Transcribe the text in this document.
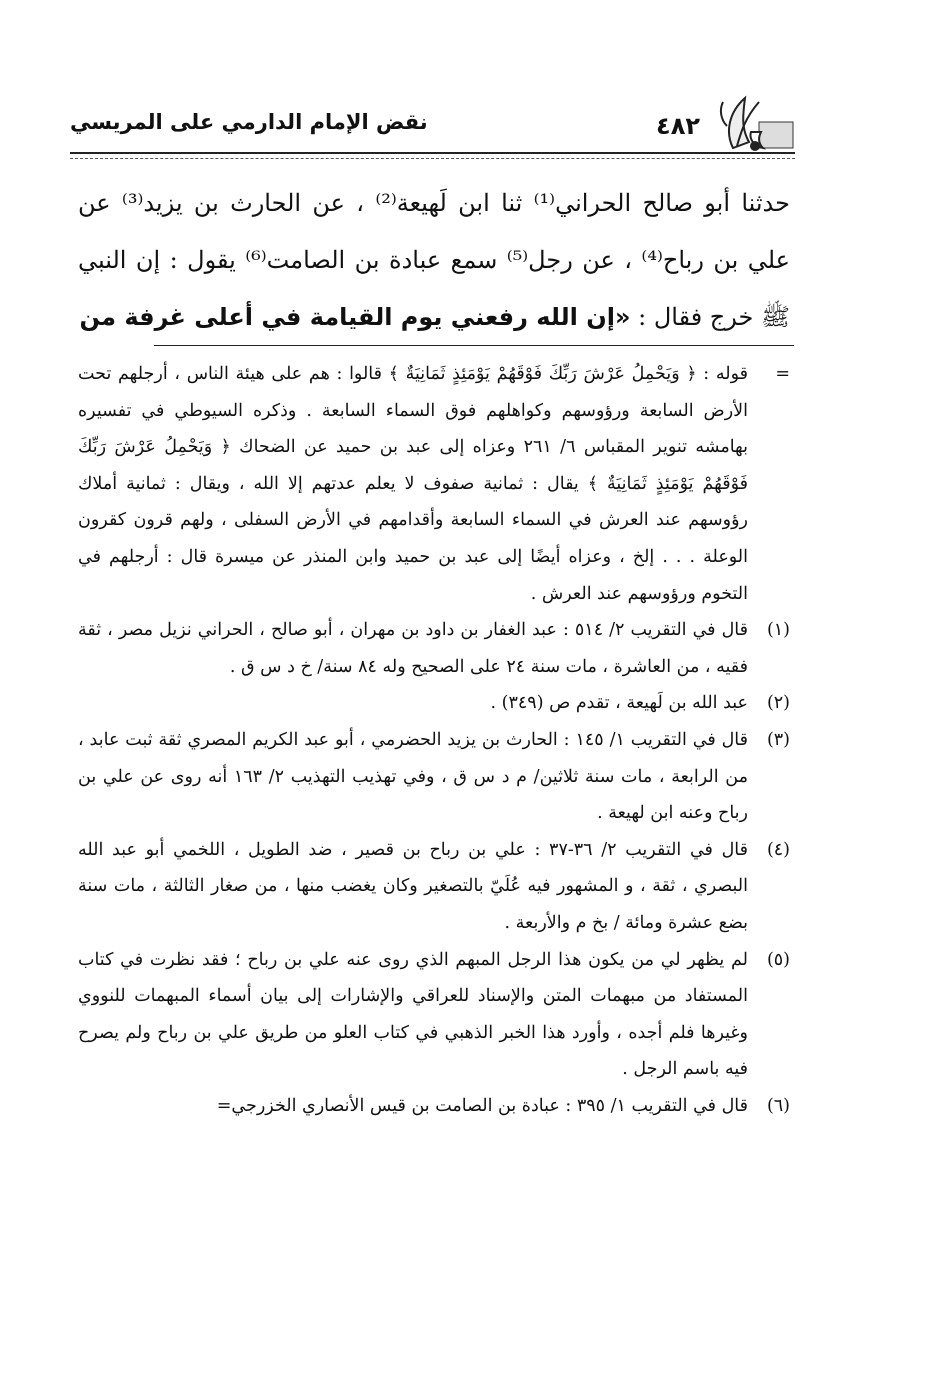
نقض الإمام الدارمي على المريسي	٤٨٢

حدثنا أبو صالح الحراني⁽¹⁾ ثنا ابن لَهيعة⁽²⁾ ، عن الحارث بن يزيد⁽³⁾ عن علي بن رباح⁽⁴⁾ ، عن رجل⁽⁵⁾ سمع عبادة بن الصامت⁽⁶⁾ يقول : إن النبي ﷺ خرج فقال : «إن الله رفعني يوم القيامة في أعلى غرفة من

=
قوله : ﴿ وَيَحْمِلُ عَرْشَ رَبِّكَ فَوْقَهُمْ يَوْمَئِذٍ ثَمَانِيَةٌ ﴾ قالوا : هم على هيئة الناس ، أرجلهم تحت الأرض السابعة ورؤوسهم وكواهلهم فوق السماء السابعة . وذكره السيوطي في تفسيره بهامشه تنوير المقباس ٦/ ٢٦١ وعزاه إلى عبد بن حميد عن الضحاك ﴿ وَيَحْمِلُ عَرْشَ رَبِّكَ فَوْقَهُمْ يَوْمَئِذٍ ثَمَانِيَةٌ ﴾ يقال : ثمانية صفوف لا يعلم عدتهم إلا الله ، ويقال : ثمانية أملاك رؤوسهم عند العرش في السماء السابعة وأقدامهم في الأرض السفلى ، ولهم قرون كقرون الوعلة . . . إلخ ، وعزاه أيضًا إلى عبد بن حميد وابن المنذر عن ميسرة قال : أرجلهم في التخوم ورؤوسهم عند العرش .

(١)
قال في التقريب ٢/ ٥١٤ : عبد الغفار بن داود بن مهران ، أبو صالح ، الحراني نزيل مصر ، ثقة فقيه ، من العاشرة ، مات سنة ٢٤ على الصحيح وله ٨٤ سنة/ خ د س ق .

(٢)
عبد الله بن لَهيعة ، تقدم ص (٣٤٩) .

(٣)
قال في التقريب ١/ ١٤٥ : الحارث بن يزيد الحضرمي ، أبو عبد الكريم المصري ثقة ثبت عابد ، من الرابعة ، مات سنة ثلاثين/ م د س ق ، وفي تهذيب التهذيب ٢/ ١٦٣ أنه روى عن علي بن رباح وعنه ابن لهيعة .

(٤)
قال في التقريب ٢/ ٣٦-٣٧ : علي بن رباح بن قصير ، ضد الطويل ، اللخمي أبو عبد الله البصري ، ثقة ، و المشهور فيه عُلَيّ بالتصغير وكان يغضب منها ، من صغار الثالثة ، مات سنة بضع عشرة ومائة / بخ م والأربعة .

(٥)
لم يظهر لي من يكون هذا الرجل المبهم الذي روى عنه علي بن رباح ؛ فقد نظرت في كتاب المستفاد من مبهمات المتن والإسناد للعراقي والإشارات إلى بيان أسماء المبهمات للنووي وغيرها فلم أجده ، وأورد هذا الخبر الذهبي في كتاب العلو من طريق علي بن رباح ولم يصرح فيه باسم الرجل .

(٦)
قال في التقريب ١/ ٣٩٥ : عبادة بن الصامت بن قيس الأنصاري الخزرجي=
